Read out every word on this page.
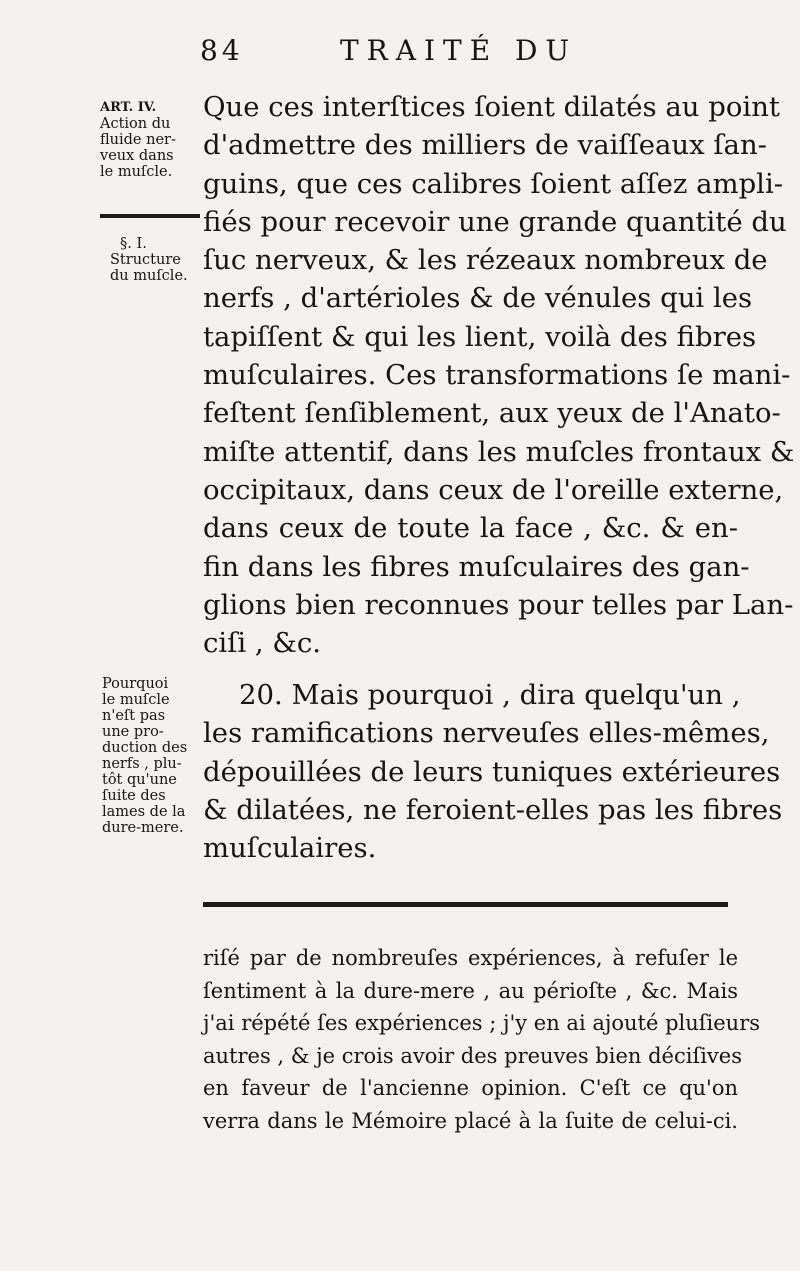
84	TRAITÉ DU
ART. IV.
Action du
fluide ner-
veux dans
le muſcle.
§. I.
Structure
du muſcle.
Que ces interſtices ſoient dilatés au point
d'admettre des milliers de vaiſſeaux ſan-
guins, que ces calibres ſoient aſſez ampli-
fiés pour recevoir une grande quantité du
ſuc nerveux, & les rézeaux nombreux de
nerfs , d'artérioles & de vénules qui les
tapiſſent & qui les lient, voilà des fibres
muſculaires. Ces transformations ſe mani-
feſtent ſenſiblement, aux yeux de l'Anato-
miſte attentif, dans les muſcles frontaux &
occipitaux, dans ceux de l'oreille externe,
dans ceux de toute la face , &c. & en-
fin dans les fibres muſculaires des gan-
glions bien reconnues pour telles par Lan-
ciſi , &c.
Pourquoi
le muſcle
n'eſt pas
une pro-
duction des
nerfs , plu-
tôt qu'une
ſuite des
lames de la
dure-mere.
20. Mais pourquoi , dira quelqu'un ,
les ramifications nerveuſes elles-mêmes,
dépouillées de leurs tuniques extérieures
& dilatées, ne feroient-elles pas les fibres
muſculaires.
riſé par de nombreuſes expériences, à refuſer le
ſentiment à la dure-mere , au périoſte , &c. Mais
j'ai répété ſes expériences ; j'y en ai ajouté pluſieurs
autres , & je crois avoir des preuves bien déciſives
en faveur de l'ancienne opinion. C'eſt ce qu'on
verra dans le Mémoire placé à la ſuite de celui-ci.
